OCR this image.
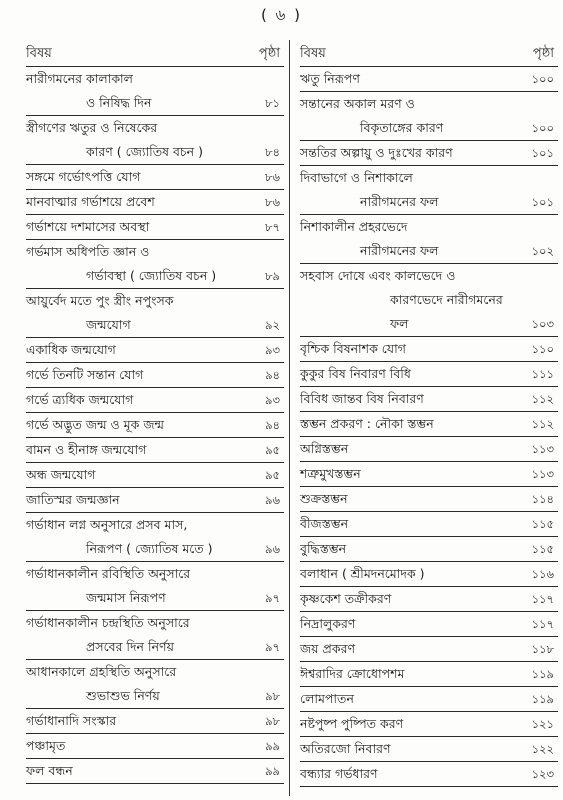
( ৬ )
বিষয়	পৃষ্ঠা
নারীগমনের কালাকাল
ও নিষিদ্ধ দিন	৮১
স্ত্রীগণের ঋতুর ও নিষেকের
কারণ ( জ্যোতিষ বচন )	৮৪
সঙ্গমে গর্ভোৎপত্তি যোগ	৮৬
মানবাত্মার গর্ভাশয়ে প্রবেশ	৮৬
গর্ভাশয়ে দশমাসের অবস্থা	৮৭
গর্ভমাস অধিপতি জ্ঞান ও
গর্ভাবস্থা ( জ্যোতিষ বচন )	৮৯
আয়ুর্বেদ মতে পুং স্ত্রীং নপুংসক
জন্মযোগ	৯২
একাধিক জন্মযোগ	৯৩
গর্ভে তিনটি সন্তান যোগ	৯৪
গর্ভে ত্র্যধিক জন্মযোগ	৯৩
গর্ভে অদ্ভুত জন্ম ও মূক জন্ম	৯৪
বামন ও হীনাঙ্গ জন্মযোগ	৯৫
অন্ধ জন্মযোগ	৯৫
জাতিস্মর জন্মজ্ঞান	৯৬
গর্ভাধান লগ্ন অনুসারে প্রসব মাস,
নিরূপণ ( জ্যোতিষ মতে )	৯৬
গর্ভাধানকালীন রবিস্থিতি অনুসারে
জন্মমাস নিরূপণ	৯৭
গর্ভাধানকালীন চন্দ্রস্থিতি অনুসারে
প্রসবের দিন নির্ণয়	৯৭
আধানকালে গ্রহস্থিতি অনুসারে
শুভাশুভ নির্ণয়	৯৮
গর্ভাধানাদি সংস্কার	৯৮
পঞ্চামৃত	৯৯
ফল বন্ধন	৯৯
বিষয়	পৃষ্ঠা
ঋতু নিরূপণ	১০০
সন্তানের অকাল মরণ ও
বিকৃতাঙ্গের কারণ	১০০
সন্ততির অল্পায়ু ও দুঃখের কারণ	১০১
দিবাভাগে ও নিশাকালে
নারীগমনের ফল	১০১
নিশাকালীন প্রহরভেদে
নারীগমনের ফল	১০২
সহবাস দোষে এবং কালভেদে ও
কারণভেদে নারীগমনের
ফল	১০৩
বৃশ্চিক বিষনাশক যোগ	১১০
কুকুর বিষ নিবারণ বিধি	১১১
বিবিধ জান্তব বিষ নিবারণ	১১২
স্তম্ভন প্রকরণ : নৌকা স্তম্ভন	১১২
অগ্নিস্তম্ভন	১১৩
শত্রুমুখস্তম্ভন	১১৩
শুক্রস্তম্ভন	১১৪
বীজস্তম্ভন	১১৫
বুদ্ধিস্তম্ভন	১১৫
বলাধান ( শ্রীমদনমোদক )	১১৬
কৃষ্ণকেশ তক্রীকরণ	১১৭
নিদ্রালুকরণ	১১৭
জয় প্রকরণ	১১৮
ঈশ্বরাদির ক্রোধোপশম	১১৯
লোমপাতন	১১৯
নষ্টপুষ্প পুষ্পিত করণ	১২১
অতিরজো নিবারণ	১২২
বন্ধ্যার গর্ভধারণ	১২৩
